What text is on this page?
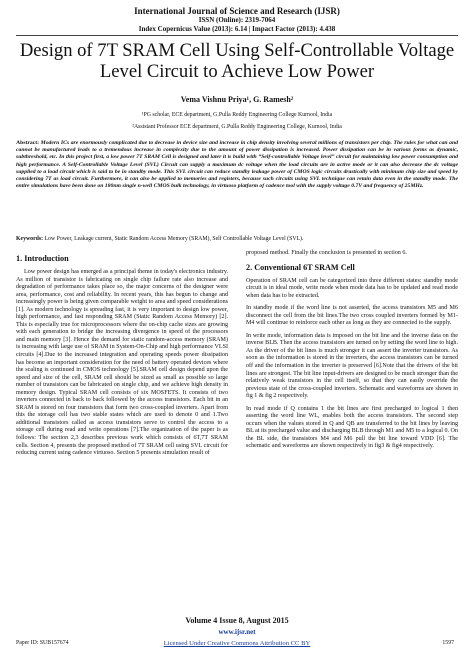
International Journal of Science and Research (IJSR)
ISSN (Online): 2319-7064
Index Copernicus Value (2013): 6.14 | Impact Factor (2013): 4.438
Design of 7T SRAM Cell Using Self-Controllable Voltage Level Circuit to Achieve Low Power
Vema Vishnu Priya¹, G. Ramesh²
¹PG scholar, ECE department, G.Pulla Reddy Engineering College Kurnool, India
²Assistant Professor ECE department, G.Pulla Reddy Engineering College, Kurnool, India
Abstract: Modern ICs are enormously complicated due to decrease in device size and increase in chip density involving several millions of transistors per chip. The rules for what can and cannot be manufactured leads to a tremendous increase in complexity due to the amount of power dissipation is increased. Power dissipation can be in various forms as dynamic, subthreshold, etc. In this project first, a low power 7T SRAM Cell is designed and later it is build with “Self-controllable Voltage level” circuit for maintaining low power consumption and high performance. A Self-Controllable Voltage Level (SVL) Circuit can supply a maximum dc voltage when the load circuits are in active mode or it can also decrease the dc voltage supplied to a load circuit which is said to be in standby mode. This SVL circuit can reduce standby leakage power of CMOS logic circuits drastically with minimum chip size and speed by considering 7T as load circuit. Furthermore, it can also be applied to memories and registers, because such circuits using SVL technique can retain data even in the standby mode. The entire simulations have been done on 180nm single n-well CMOS bulk technology, in virtuoso platform of cadence tool with the supply voltage 0.7V and frequency of 25MHz.
Keywords: Low Power, Leakage current, Static Random Access Memory (SRAM), Self Controllable Voltage Level (SVL).
1. Introduction

Low power design has emerged as a principal theme in today's electronics industry. As million of transistor is fabricating on single chip failure rate also increase and degradation of performance takes place so, the major concerns of the designer were area, performance, cost and reliability. In recent years, this has begun to change and increasingly power is being given comparable weight to area and speed considerations [1]. As modern technology is spreading fast, it is very important to design low power, high performance, and fast responding SRAM (Static Random Access Memory) [2]. This is especially true for microprocessors where the on-chip cache sizes are growing with each generation to bridge the increasing divergence in speed of the processors and main memory [3]. Hence the demand for static random-access memory (SRAM) is increasing with large use of SRAM in System-On-Chip and high performance VLSI circuits [4].Due to the increased integration and operating speeds power dissipation has become an important consideration for the need of battery operated devices where the scaling is continued in CMOS technology [5].SRAM cell design depend upon the speed and size of the cell, SRAM cell should be sized as small as possible so large number of transistors can be fabricated on single chip, and we achieve high density in memory design. Typical SRAM cell consists of six MOSFETS. It consists of two inverters connected in back to back followed by the access transistors. Each bit in an SRAM is stored on four transistors that form two cross-coupled inverters. Apart from this the storage cell has two stable states which are used to denote 0 and 1.Two additional transistors called as access transistors serve to control the access to a storage cell during read and write operations [7].The organization of the paper is as follows: The section 2,3 describes previous work which consists of 6T,7T SRAM cells. Section 4, presents the proposed method of 7T SRAM cell using SVL circuit for reducing current using cadence virtuoso. Section 5 presents simulation result of

proposed method. Finally the conclusion is presented in section 6.

2. Conventional 6T SRAM Cell

Operation of SRAM cell can be categorized into three different states: standby mode circuit is in ideal mode, write mode when mode data has to be updated and read mode when data has to be extracted.

In standby mode if the word line is not asserted, the access transistors M5 and M6 disconnect the cell from the bit lines.The two cross coupled inverters formed by M1-M4 will continue to reinforce each other as long as they are connected to the supply.

In write mode, information data is imposed on the bit line and the inverse data on the inverse BLB. Then the access transistors are turned on by setting the word line to high. As the driver of the bit lines is much stronger it can assert the inverter transistors. As soon as the information is stored in the inverters, the access transistors can be turned off and the information in the inverter is preserved [6].Note that the drivers of the bit lines are strongest. The bit line input-drivers are designed to be much stronger than the relatively weak transistors in the cell itself, so that they can easily override the previous state of the cross-coupled inverters. Schematic and waveforms are shown in fig 1 & fig 2 respectively.

In read mode if Q contains 1 the bit lines are first precharged to logical 1 then asserting the word line WL, enables both the access transistors. The second step occurs when the values stored in Q and QB are transferred to the bit lines by leaving BL at its precharged value and discharging BLB through M1 and M5 to a logical 0. On the BL side, the transistors M4 and M6 pull the bit line toward VDD [6]. The schematic and waveforms are shown respectively in fig3 & fig4 respectively.

Volume 4 Issue 8, August 2015
www.ijsr.net
Paper ID: SUB157674	Licensed Under Creative Commons Attribution CC BY	1597
